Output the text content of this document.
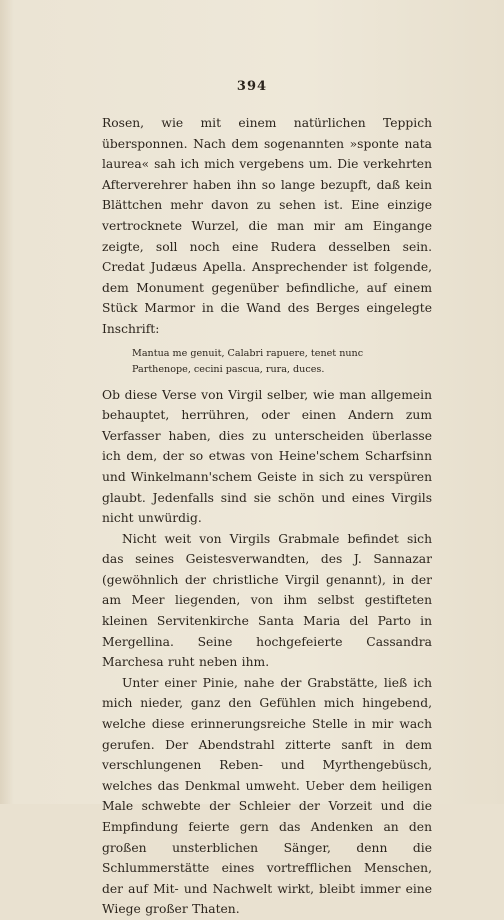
394

Rosen, wie mit einem natürlichen Teppich übersponnen. Nach dem sogenannten »sponte nata laurea« sah ich mich vergebens um. Die verkehrten Afterverehrer haben ihn so lange bezupft, daß kein Blättchen mehr davon zu sehen ist. Eine einzige vertrocknete Wurzel, die man mir am Eingange zeigte, soll noch eine Rudera desselben sein. Credat Judæus Apella. Ansprechender ist folgende, dem Monument gegenüber befindliche, auf einem Stück Marmor in die Wand des Berges eingelegte Inschrift:

Mantua me genuit, Calabri rapuere, tenet nunc
Parthenope, cecini pascua, rura, duces.

Ob diese Verse von Virgil selber, wie man allgemein behauptet, herrühren, oder einen Andern zum Verfasser haben, dies zu unterscheiden überlasse ich dem, der so etwas von Heine'schem Scharfsinn und Winkelmann'schem Geiste in sich zu verspüren glaubt. Jedenfalls sind sie schön und eines Virgils nicht unwürdig.

Nicht weit von Virgils Grabmale befindet sich das seines Geistesverwandten, des J. Sannazar (gewöhnlich der christliche Virgil genannt), in der am Meer liegenden, von ihm selbst gestifteten kleinen Servitenkirche Santa Maria del Parto in Mergellina. Seine hochgefeierte Cassandra Marchesa ruht neben ihm.

Unter einer Pinie, nahe der Grabstätte, ließ ich mich nieder, ganz den Gefühlen mich hingebend, welche diese erinnerungsreiche Stelle in mir wach gerufen. Der Abendstrahl zitterte sanft in dem verschlungenen Reben- und Myrthengebüsch, welches das Denkmal umweht. Ueber dem heiligen Male schwebte der Schleier der Vorzeit und die Empfindung feierte gern das Andenken an den großen unsterblichen Sänger, denn die Schlummerstätte eines vortrefflichen Menschen, der auf Mit- und Nachwelt wirkt, bleibt immer eine Wiege großer Thaten.
